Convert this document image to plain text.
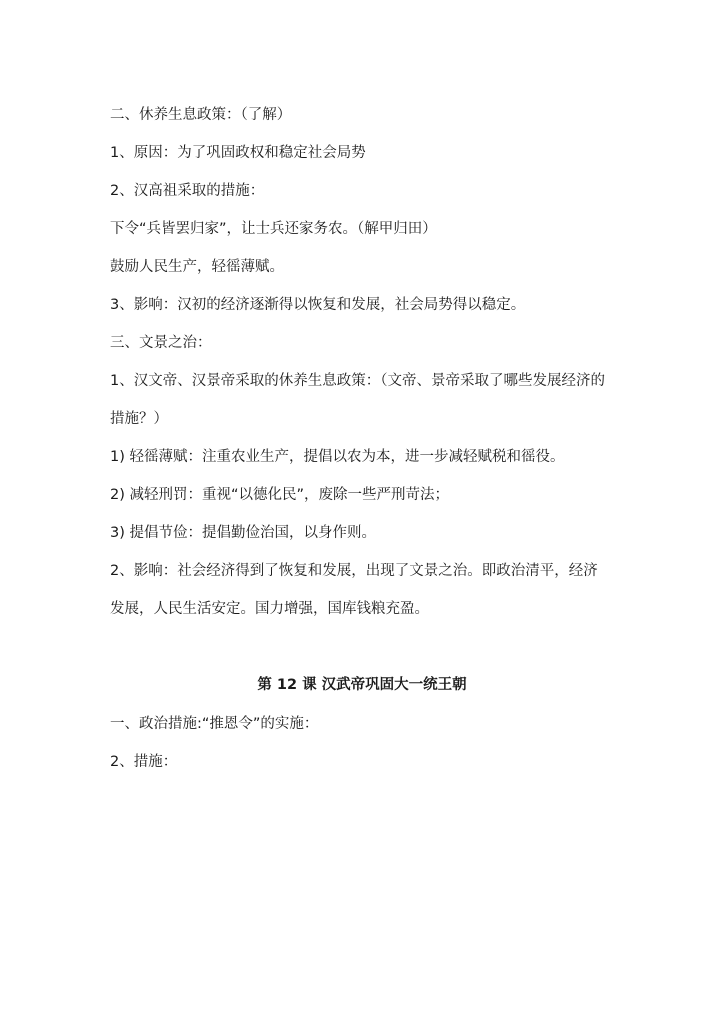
二、休养生息政策：（了解）
1、原因：为了巩固政权和稳定社会局势
2、汉高祖采取的措施：
下令“兵皆罢归家”，让士兵还家务农。（解甲归田）
鼓励人民生产，轻徭薄赋。
3、影响：汉初的经济逐渐得以恢复和发展，社会局势得以稳定。
三、文景之治：
1、汉文帝、汉景帝采取的休养生息政策：（文帝、景帝采取了哪些发展经济的
措施？）
1) 轻徭薄赋：注重农业生产，提倡以农为本，进一步减轻赋税和徭役。
2) 减轻刑罚：重视“以德化民”，废除一些严刑苛法；
3) 提倡节俭：提倡勤俭治国，以身作则。
2、影响：社会经济得到了恢复和发展，出现了文景之治。即政治清平，经济
发展，人民生活安定。国力增强，国库钱粮充盈。
第 12 课 汉武帝巩固大一统王朝
一、政治措施:“推恩令”的实施：
2、措施：
